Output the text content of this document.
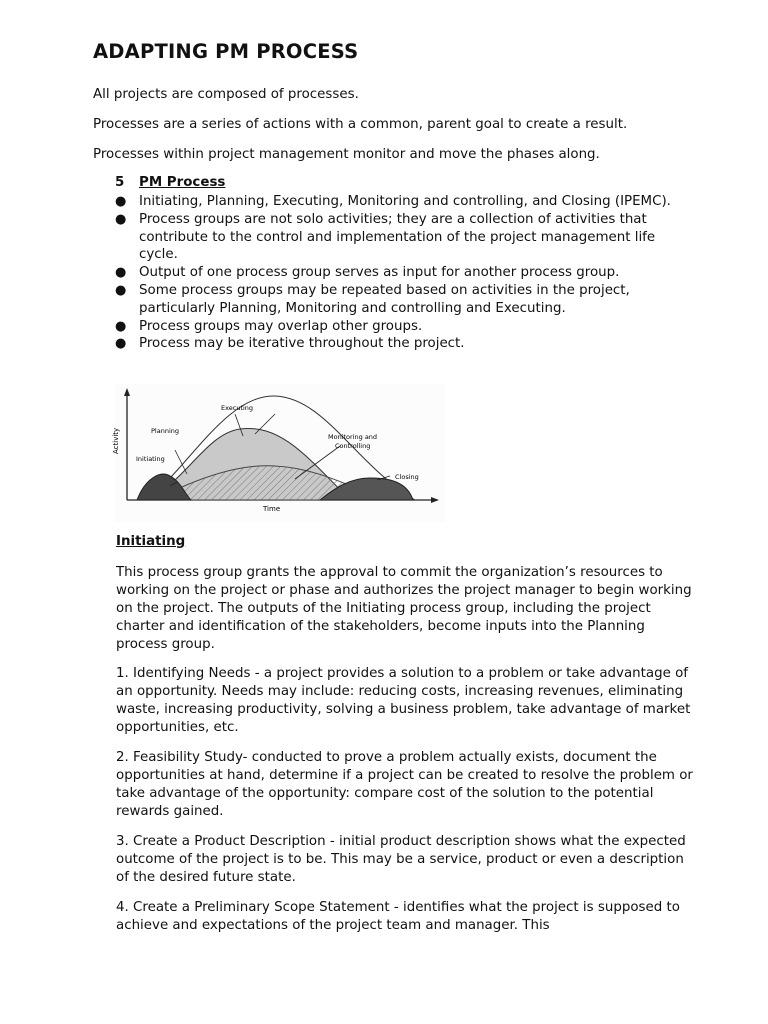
ADAPTING PM PROCESS
All projects are composed of processes.
Processes are a series of actions with a common, parent goal to create a result.
Processes within project management monitor and move the phases along.
5 PM Process
● Initiating, Planning, Executing, Monitoring and controlling, and Closing (IPEMC).
● Process groups are not solo activities; they are a collection of activities that contribute to the control and implementation of the project management life cycle.
● Output of one process group serves as input for another process group.
● Some process groups may be repeated based on activities in the project, particularly Planning, Monitoring and controlling and Executing.
● Process groups may overlap other groups.
● Process may be iterative throughout the project.
Activity
Time
Initiating
Planning
Executing
Monitoring and
Controlling
Closing
Initiating
This process group grants the approval to commit the organization’s resources to working on the project or phase and authorizes the project manager to begin working on the project. The outputs of the Initiating process group, including the project charter and identification of the stakeholders, become inputs into the Planning process group.
1. Identifying Needs - a project provides a solution to a problem or take advantage of an opportunity. Needs may include: reducing costs, increasing revenues, eliminating waste, increasing productivity, solving a business problem, take advantage of market opportunities, etc.
2. Feasibility Study- conducted to prove a problem actually exists, document the opportunities at hand, determine if a project can be created to resolve the problem or take advantage of the opportunity: compare cost of the solution to the potential rewards gained.
3. Create a Product Description - initial product description shows what the expected outcome of the project is to be. This may be a service, product or even a description of the desired future state.
4. Create a Preliminary Scope Statement - identifies what the project is supposed to achieve and expectations of the project team and manager. This
